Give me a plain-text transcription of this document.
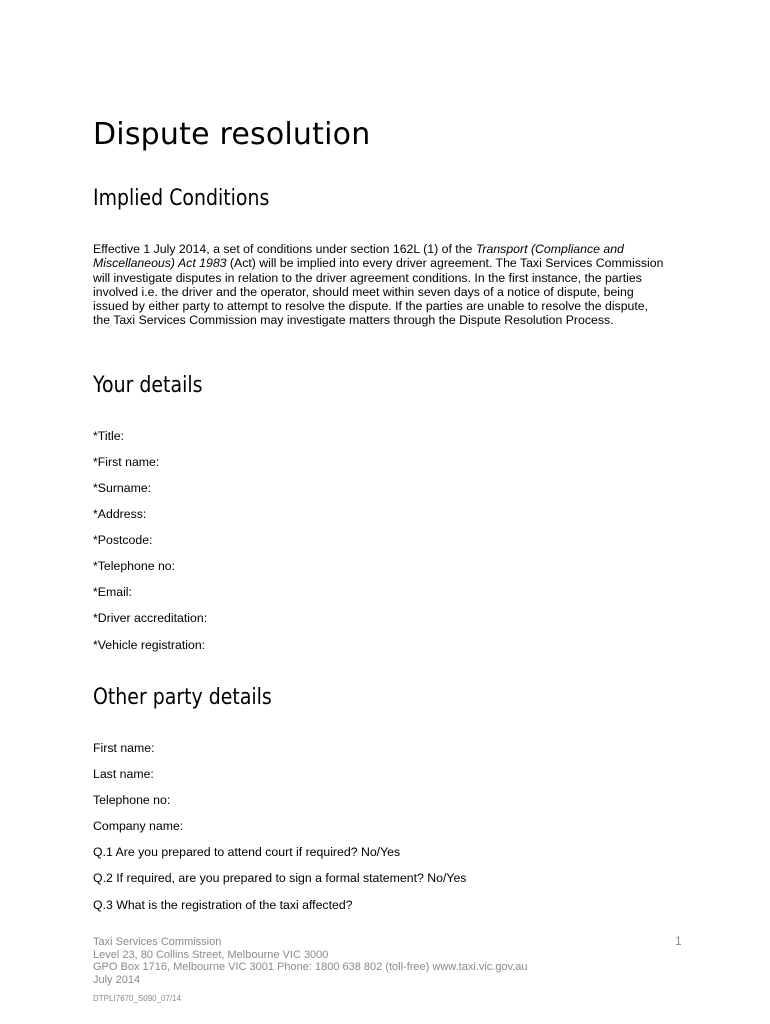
Dispute resolution
Implied Conditions

Effective 1 July 2014, a set of conditions under section 162L (1) of the Transport (Compliance and Miscellaneous) Act 1983 (Act) will be implied into every driver agreement. The Taxi Services Commission will investigate disputes in relation to the driver agreement conditions. In the first instance, the parties involved i.e. the driver and the operator, should meet within seven days of a notice of dispute, being issued by either party to attempt to resolve the dispute. If the parties are unable to resolve the dispute, the Taxi Services Commission may investigate matters through the Dispute Resolution Process.

Your details
*Title:
*First name:
*Surname:
*Address:
*Postcode:
*Telephone no:
*Email:
*Driver accreditation:
*Vehicle registration:
Other party details
First name:
Last name:
Telephone no:
Company name:
Q.1 Are you prepared to attend court if required? No/Yes
Q.2 If required, are you prepared to sign a formal statement? No/Yes
Q.3 What is the registration of the taxi affected?
Taxi Services Commission
Level 23, 80 Collins Street, Melbourne VIC 3000
GPO Box 1716, Melbourne VIC 3001 Phone: 1800 638 802 (toll-free) www.taxi.vic.gov.au
July 2014
DTPLI7670_S090_07/14
1
